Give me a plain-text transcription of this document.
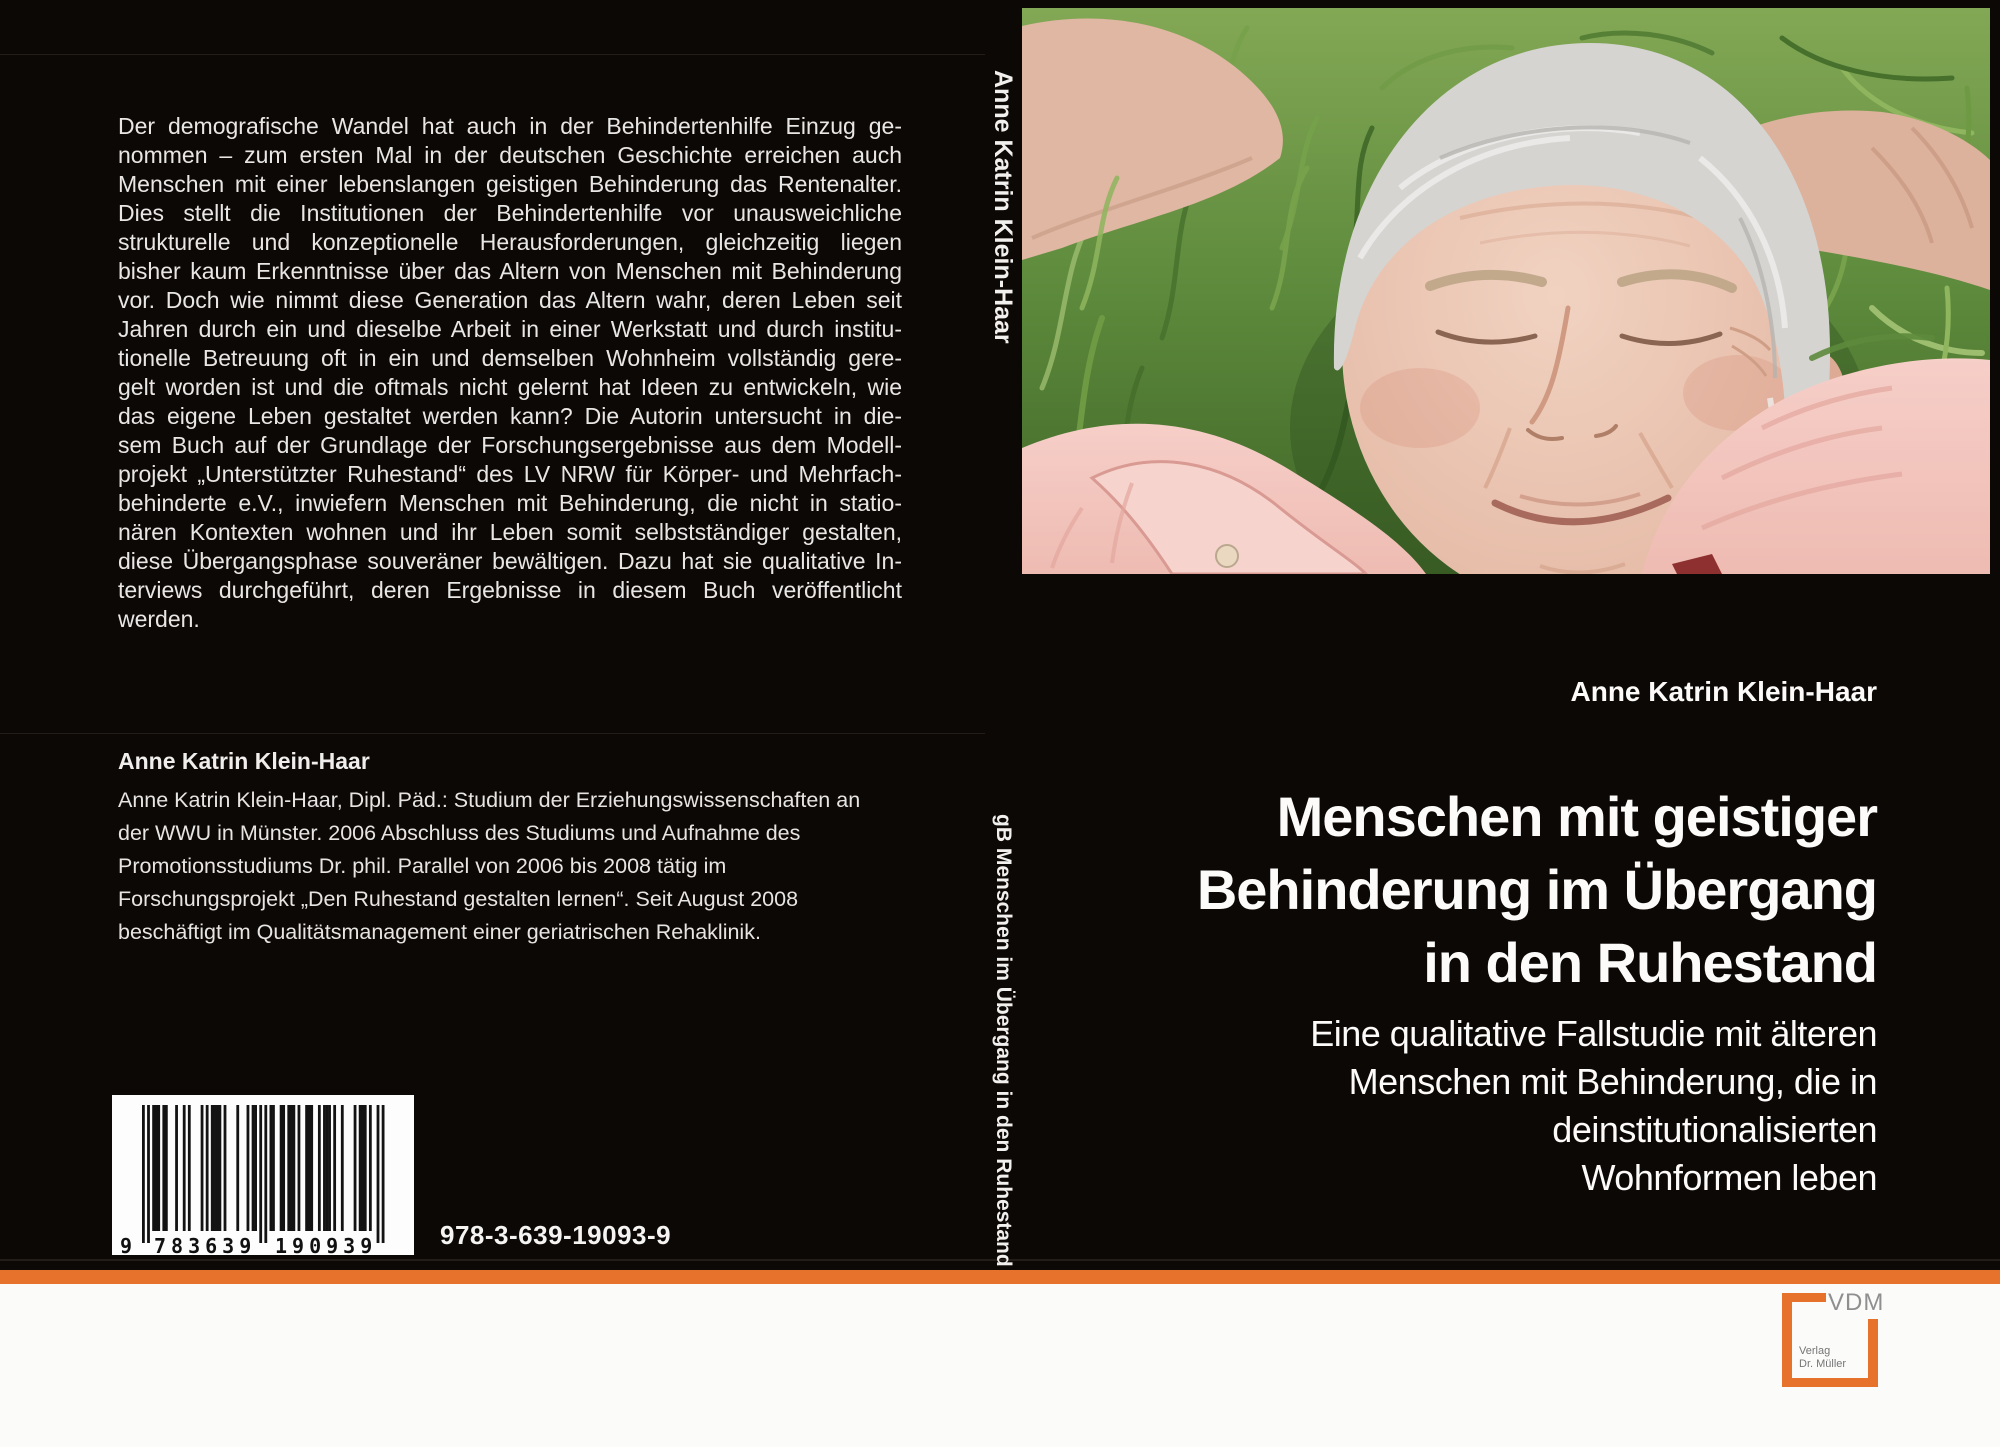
Der demografische Wandel hat auch in der Behindertenhilfe Einzug ge-
nommen – zum ersten Mal in der deutschen Geschichte erreichen auch
Menschen mit einer lebenslangen geistigen Behinderung das Rentenalter.
Dies stellt die Institutionen der Behindertenhilfe vor unausweichliche
strukturelle und konzeptionelle Herausforderungen, gleichzeitig liegen
bisher kaum Erkenntnisse über das Altern von Menschen mit Behinderung
vor. Doch wie nimmt diese Generation das Altern wahr, deren Leben seit
Jahren durch ein und dieselbe Arbeit in einer Werkstatt und durch institu-
tionelle Betreuung oft in ein und demselben Wohnheim vollständig gere-
gelt worden ist und die oftmals nicht gelernt hat Ideen zu entwickeln, wie
das eigene Leben gestaltet werden kann? Die Autorin untersucht in die-
sem Buch auf der Grundlage der Forschungsergebnisse aus dem Modell-
projekt „Unterstützter Ruhestand“ des LV NRW für Körper- und Mehrfach-
behinderte e.V., inwiefern Menschen mit Behinderung, die nicht in statio-
nären Kontexten wohnen und ihr Leben somit selbstständiger gestalten,
diese Übergangsphase souveräner bewältigen. Dazu hat sie qualitative In-
terviews durchgeführt, deren Ergebnisse in diesem Buch veröffentlicht
werden.
Anne Katrin Klein-Haar
Anne Katrin Klein-Haar, Dipl. Päd.: Studium der Erziehungswissenschaften an
der WWU in Münster. 2006 Abschluss des Studiums und Aufnahme des
Promotionsstudiums Dr. phil. Parallel von 2006 bis 2008 tätig im
Forschungsprojekt „Den Ruhestand gestalten lernen“. Seit August 2008
beschäftigt im Qualitätsmanagement einer geriatrischen Rehaklinik.
9 783639 190939 978-3-639-19093-9
Anne Katrin Klein-Haar
gB Menschen im Übergang in den Ruhestand
Anne Katrin Klein-Haar
Menschen mit geistiger
Behinderung im Übergang
in den Ruhestand
Eine qualitative Fallstudie mit älteren
Menschen mit Behinderung, die in
deinstitutionalisierten
Wohnformen leben
VDM
Verlag
Dr. Müller
